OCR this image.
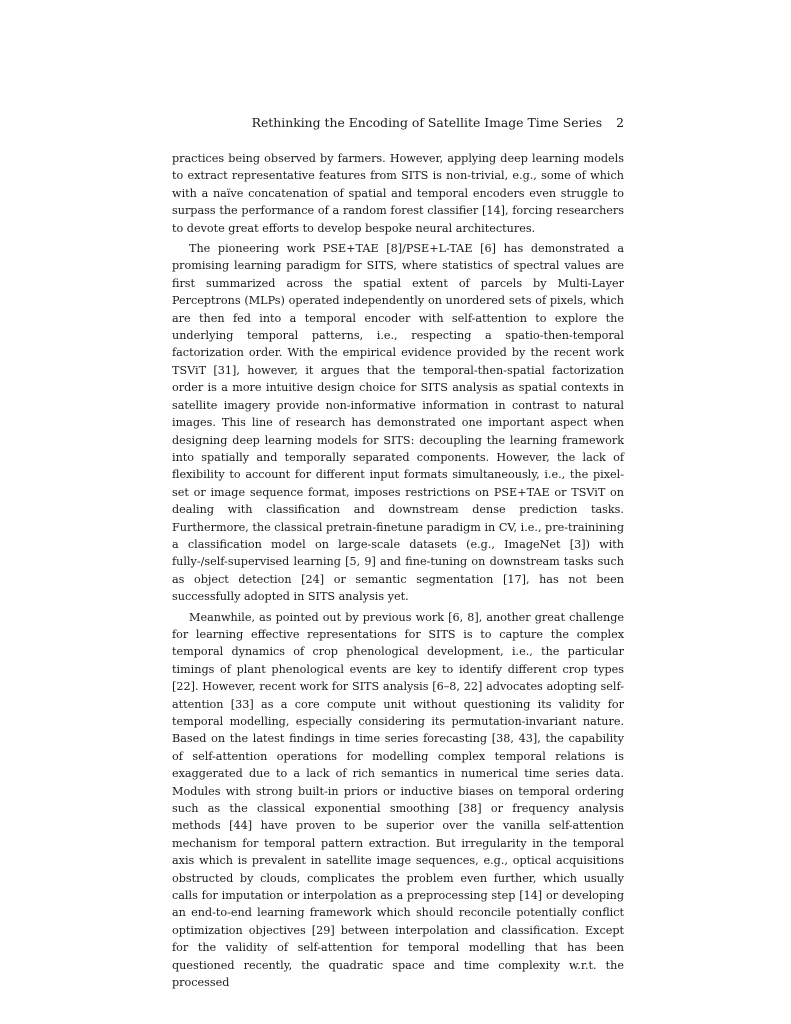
Rethinking the Encoding of Satellite Image Time Series 2

practices being observed by farmers. However, applying deep learning models to extract representative features from SITS is non-trivial, e.g., some of which with a naïve concatenation of spatial and temporal encoders even struggle to surpass the performance of a random forest classifier [14], forcing researchers to devote great efforts to develop bespoke neural architectures.

The pioneering work PSE+TAE [8]/PSE+L-TAE [6] has demonstrated a promising learning paradigm for SITS, where statistics of spectral values are first summarized across the spatial extent of parcels by Multi-Layer Perceptrons (MLPs) operated independently on unordered sets of pixels, which are then fed into a temporal encoder with self-attention to explore the underlying temporal patterns, i.e., respecting a spatio-then-temporal factorization order. With the empirical evidence provided by the recent work TSViT [31], however, it argues that the temporal-then-spatial factorization order is a more intuitive design choice for SITS analysis as spatial contexts in satellite imagery provide non-informative information in contrast to natural images. This line of research has demonstrated one important aspect when designing deep learning models for SITS: decoupling the learning framework into spatially and temporally separated components. However, the lack of flexibility to account for different input formats simultaneously, i.e., the pixel-set or image sequence format, imposes restrictions on PSE+TAE or TSViT on dealing with classification and downstream dense prediction tasks. Furthermore, the classical pretrain-finetune paradigm in CV, i.e., pre-trainining a classification model on large-scale datasets (e.g., ImageNet [3]) with fully-/self-supervised learning [5, 9] and fine-tuning on downstream tasks such as object detection [24] or semantic segmentation [17], has not been successfully adopted in SITS analysis yet.

Meanwhile, as pointed out by previous work [6, 8], another great challenge for learning effective representations for SITS is to capture the complex temporal dynamics of crop phenological development, i.e., the particular timings of plant phenological events are key to identify different crop types [22]. However, recent work for SITS analysis [6–8, 22] advocates adopting self-attention [33] as a core compute unit without questioning its validity for temporal modelling, especially considering its permutation-invariant nature. Based on the latest findings in time series forecasting [38, 43], the capability of self-attention operations for modelling complex temporal relations is exaggerated due to a lack of rich semantics in numerical time series data. Modules with strong built-in priors or inductive biases on temporal ordering such as the classical exponential smoothing [38] or frequency analysis methods [44] have proven to be superior over the vanilla self-attention mechanism for temporal pattern extraction. But irregularity in the temporal axis which is prevalent in satellite image sequences, e.g., optical acquisitions obstructed by clouds, complicates the problem even further, which usually calls for imputation or interpolation as a preprocessing step [14] or developing an end-to-end learning framework which should reconcile potentially conflict optimization objectives [29] between interpolation and classification. Except for the validity of self-attention for temporal modelling that has been questioned recently, the quadratic space and time complexity w.r.t. the processed
